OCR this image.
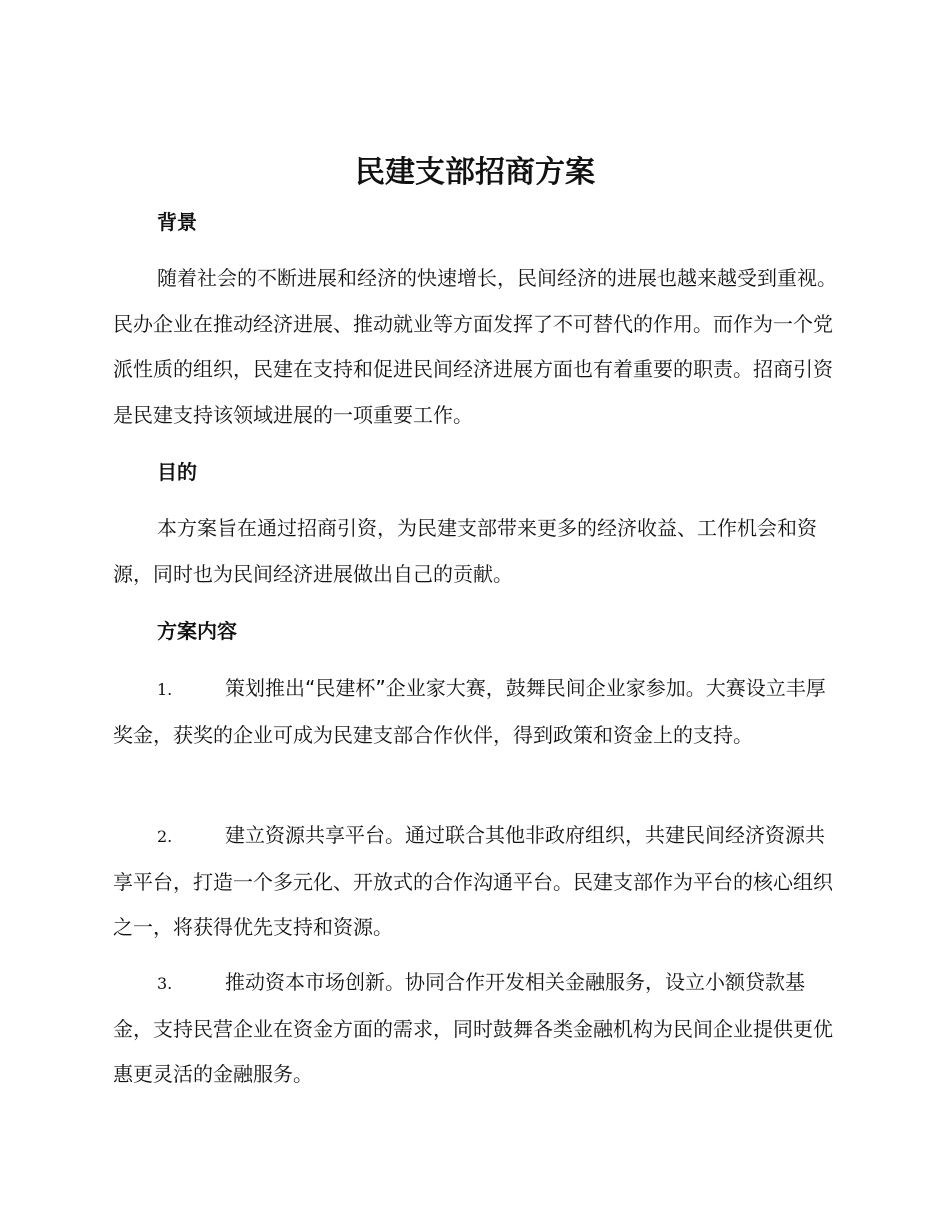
民建支部招商方案
背景

随着社会的不断进展和经济的快速增长，民间经济的进展也越来越受到重视。民办企业在推动经济进展、推动就业等方面发挥了不可替代的作用。而作为一个党派性质的组织，民建在支持和促进民间经济进展方面也有着重要的职责。招商引资是民建支持该领域进展的一项重要工作。

目的

本方案旨在通过招商引资，为民建支部带来更多的经济收益、工作机会和资源，同时也为民间经济进展做出自己的贡献。

方案内容

1.	策划推出“民建杯”企业家大赛，鼓舞民间企业家参加。大赛设立丰厚奖金，获奖的企业可成为民建支部合作伙伴，得到政策和资金上的支持。

2.	建立资源共享平台。通过联合其他非政府组织，共建民间经济资源共享平台，打造一个多元化、开放式的合作沟通平台。民建支部作为平台的核心组织之一，将获得优先支持和资源。

3.	推动资本市场创新。协同合作开发相关金融服务，设立小额贷款基金，支持民营企业在资金方面的需求，同时鼓舞各类金融机构为民间企业提供更优惠更灵活的金融服务。
